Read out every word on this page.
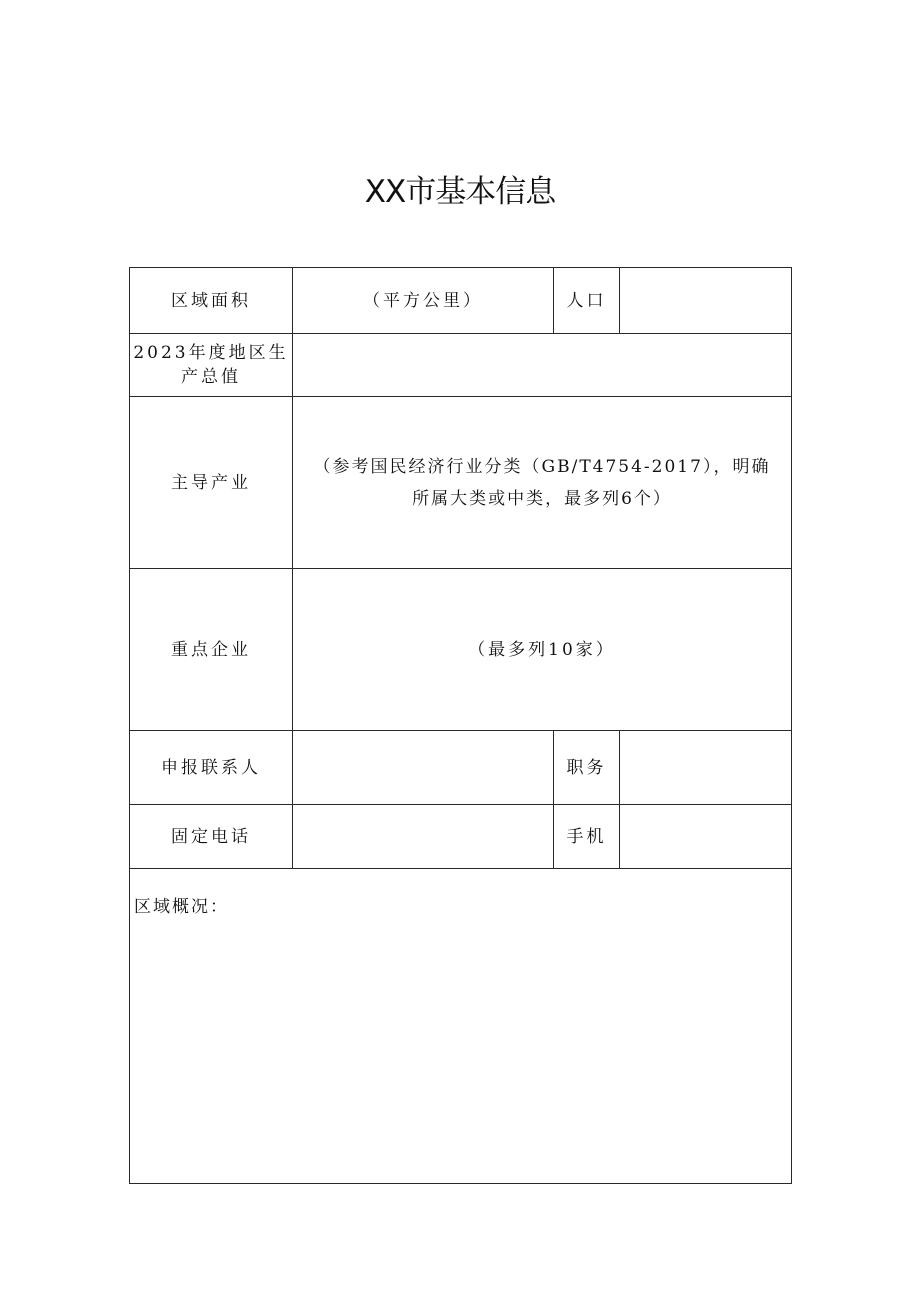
XX市基本信息
区域面积	（平方公里）	人口	
2023年度地区生产总值			
主导产业	（参考国民经济行业分类（GB/T4754-2017），明确所属大类或中类，最多列6个）		
重点企业	（最多列10家）		
申报联系人		职务	
固定电话		手机	

区域概况：			
